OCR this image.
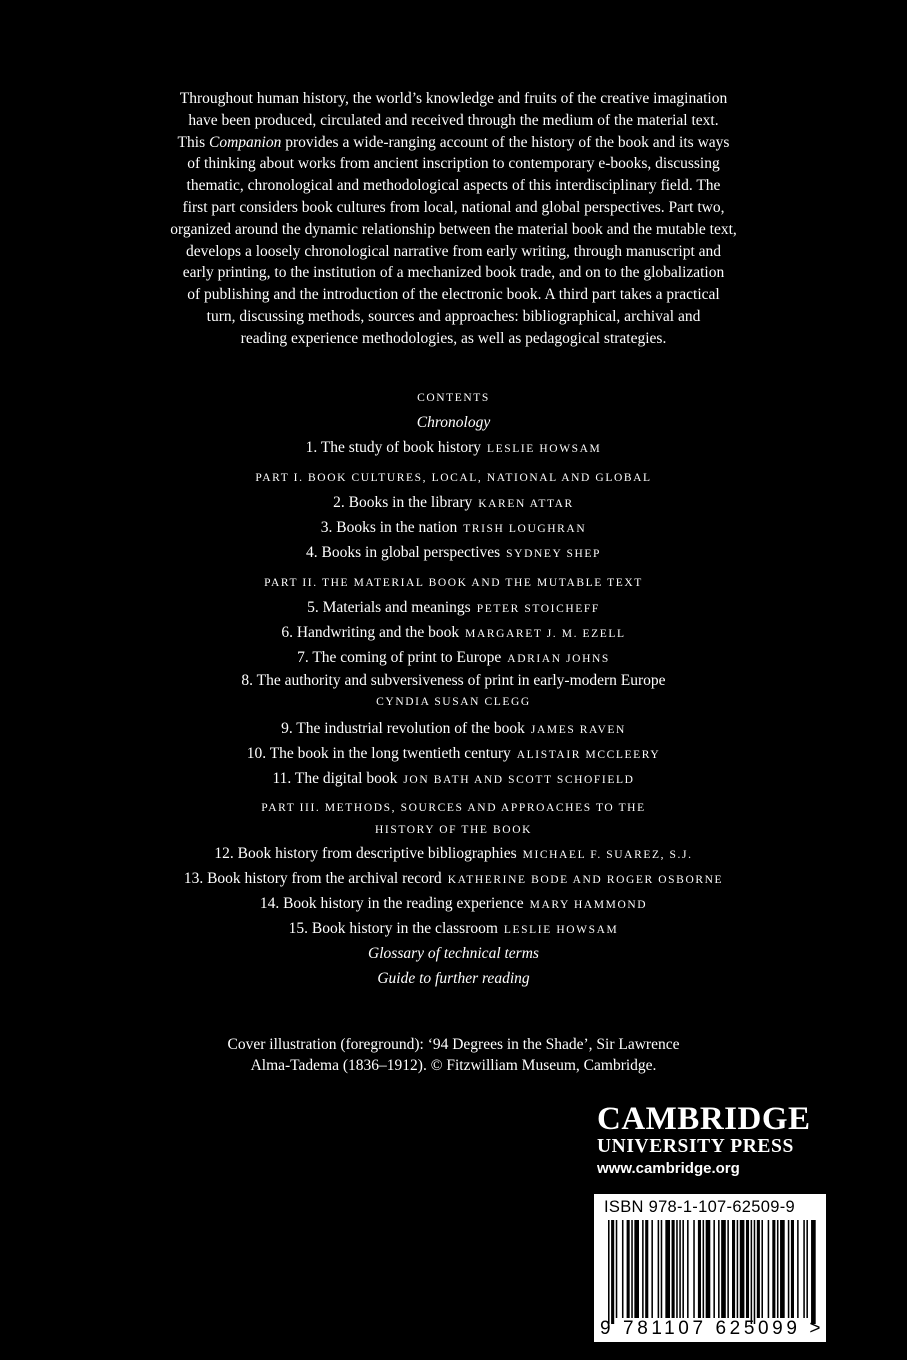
Throughout human history, the world’s knowledge and fruits of the creative imagination
have been produced, circulated and received through the medium of the material text.
This Companion provides a wide-ranging account of the history of the book and its ways
of thinking about works from ancient inscription to contemporary e-books, discussing
thematic, chronological and methodological aspects of this interdisciplinary field. The
first part considers book cultures from local, national and global perspectives. Part two,
organized around the dynamic relationship between the material book and the mutable text,
develops a loosely chronological narrative from early writing, through manuscript and
early printing, to the institution of a mechanized book trade, and on to the globalization
of publishing and the introduction of the electronic book. A third part takes a practical
turn, discussing methods, sources and approaches: bibliographical, archival and
reading experience methodologies, as well as pedagogical strategies.
CONTENTS
Chronology
1. The study of book history LESLIE HOWSAM
PART I. BOOK CULTURES, LOCAL, NATIONAL AND GLOBAL
2. Books in the library KAREN ATTAR
3. Books in the nation TRISH LOUGHRAN
4. Books in global perspectives SYDNEY SHEP
PART II. THE MATERIAL BOOK AND THE MUTABLE TEXT
5. Materials and meanings PETER STOICHEFF
6. Handwriting and the book MARGARET J. M. EZELL
7. The coming of print to Europe ADRIAN JOHNS
8. The authority and subversiveness of print in early-modern Europe
CYNDIA SUSAN CLEGG
9. The industrial revolution of the book JAMES RAVEN
10. The book in the long twentieth century ALISTAIR MCCLEERY
11. The digital book JON BATH AND SCOTT SCHOFIELD
PART III. METHODS, SOURCES AND APPROACHES TO THE
HISTORY OF THE BOOK
12. Book history from descriptive bibliographies MICHAEL F. SUAREZ, S.J.
13. Book history from the archival record KATHERINE BODE AND ROGER OSBORNE
14. Book history in the reading experience MARY HAMMOND
15. Book history in the classroom LESLIE HOWSAM
Glossary of technical terms
Guide to further reading
Cover illustration (foreground): ‘94 Degrees in the Shade’, Sir Lawrence
Alma-Tadema (1836–1912). © Fitzwilliam Museum, Cambridge.
CAMBRIDGE
UNIVERSITY PRESS
www.cambridge.org
ISBN 978-1-107-62509-9
9 781107 625099 >
